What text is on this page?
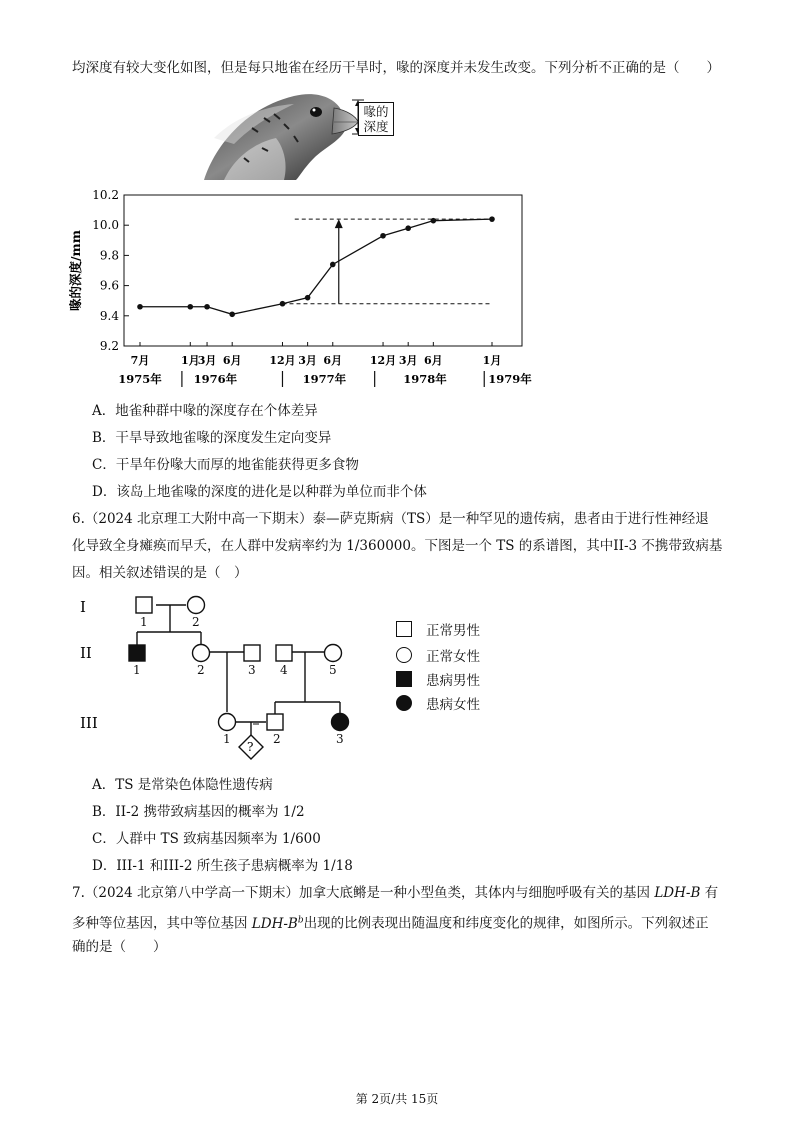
均深度有较大变化如图，但是每只地雀在经历干旱时，喙的深度并未发生改变。下列分析不正确的是（　　）
喙的
深度
9.2
9.4
9.6
9.8
10.0
10.2
喙的深度/mm
7月	1月
3月 6月	12月 3月 6月	12月 3月 6月	1月
1975年	1976年	1977年	1978年	1979年
A．地雀种群中喙的深度存在个体差异
B．干旱导致地雀喙的深度发生定向变异
C．干旱年份喙大而厚的地雀能获得更多食物
D．该岛上地雀喙的深度的进化是以种群为单位而非个体
6.（2024 北京理工大附中高一下期末）泰—萨克斯病（TS）是一种罕见的遗传病，患者由于进行性神经退
化导致全身瘫痪而早夭，在人群中发病率约为 1/360000。下图是一个 TS 的系谱图，其中II-3 不携带致病基
因。相关叙述错误的是（　）
I
II
III
1	2
1	2	3 4	5
1	2	3
?
正常男性
正常女性
患病男性
患病女性
A．TS 是常染色体隐性遗传病
B．II-2 携带致病基因的概率为 1/2
C．人群中 TS 致病基因频率为 1/600
D．III-1 和III-2 所生孩子患病概率为 1/18
7.（2024 北京第八中学高一下期末）加拿大底鳉是一种小型鱼类，其体内与细胞呼吸有关的基因 LDH-B 有
多种等位基因，其中等位基因 LDH-$B^b$出现的比例表现出随温度和纬度变化的规律，如图所示。下列叙述正
确的是（　　）
第 2页/共 15页
